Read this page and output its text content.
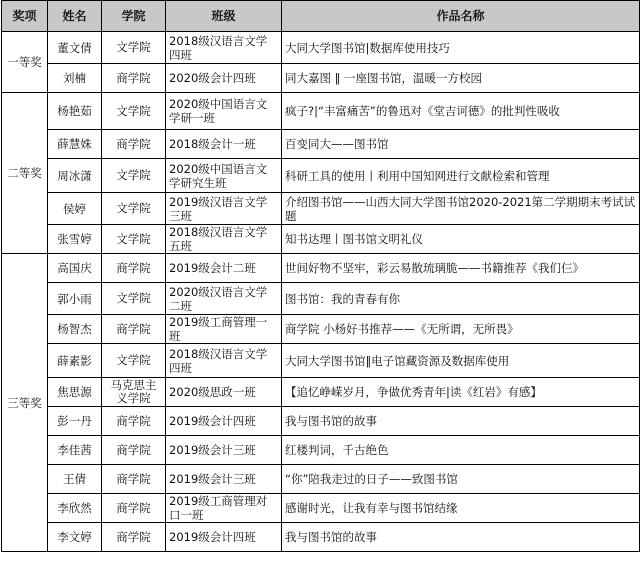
奖项	姓名	学院	班级	作品名称
一等奖	董文倩	文学院	2018级汉语言文学四班	大同大学图书馆|数据库使用技巧
	刘楠	商学院	2020级会计四班	同大嘉图 ‖ 一座图书馆，温暖一方校园
二等奖	杨艳茹	文学院	2020级中国语言文学研一班	疯子?|“丰富痛苦”的鲁迅对《堂吉诃德》的批判性吸收
	薛慧姝	商学院	2018级会计一班	百变同大——图书馆
	周冰潇	文学院	2020级中国语言文学研究生班	科研工具的使用丨利用中国知网进行文献检索和管理
	侯婷	文学院	2019级汉语言文学三班	介绍图书馆——山西大同大学图书馆2020-2021第二学期期末考试试题
	张雪婷	文学院	2018级汉语言文学五班	知书达理丨图书馆文明礼仪
三等奖	高国庆	商学院	2019级会计二班	世间好物不坚牢，彩云易散琉璃脆——书籍推荐《我们仨》
	郭小雨	文学院	2020级汉语言文学二班	图书馆：我的青春有你
	杨智杰	商学院	2019级工商管理一班	商学院 小杨好书推荐——《无所谓，无所畏》
	薛素影	文学院	2018级汉语言文学四班	大同大学图书馆‖电子馆藏资源及数据库使用
	焦思源	马克思主义学院	2020级思政一班	【追忆峥嵘岁月，争做优秀青年|读《红岩》有感】
	彭一丹	商学院	2019级会计四班	我与图书馆的故事
	李佳茜	商学院	2019级会计三班	红楼判词，千古绝色
	王倩	商学院	2019级会计三班	“你”陪我走过的日子——致图书馆
	李欣然	商学院	2019级工商管理对口一班	感谢时光，让我有幸与图书馆结缘
	李文婷	商学院	2019级会计四班	我与图书馆的故事
